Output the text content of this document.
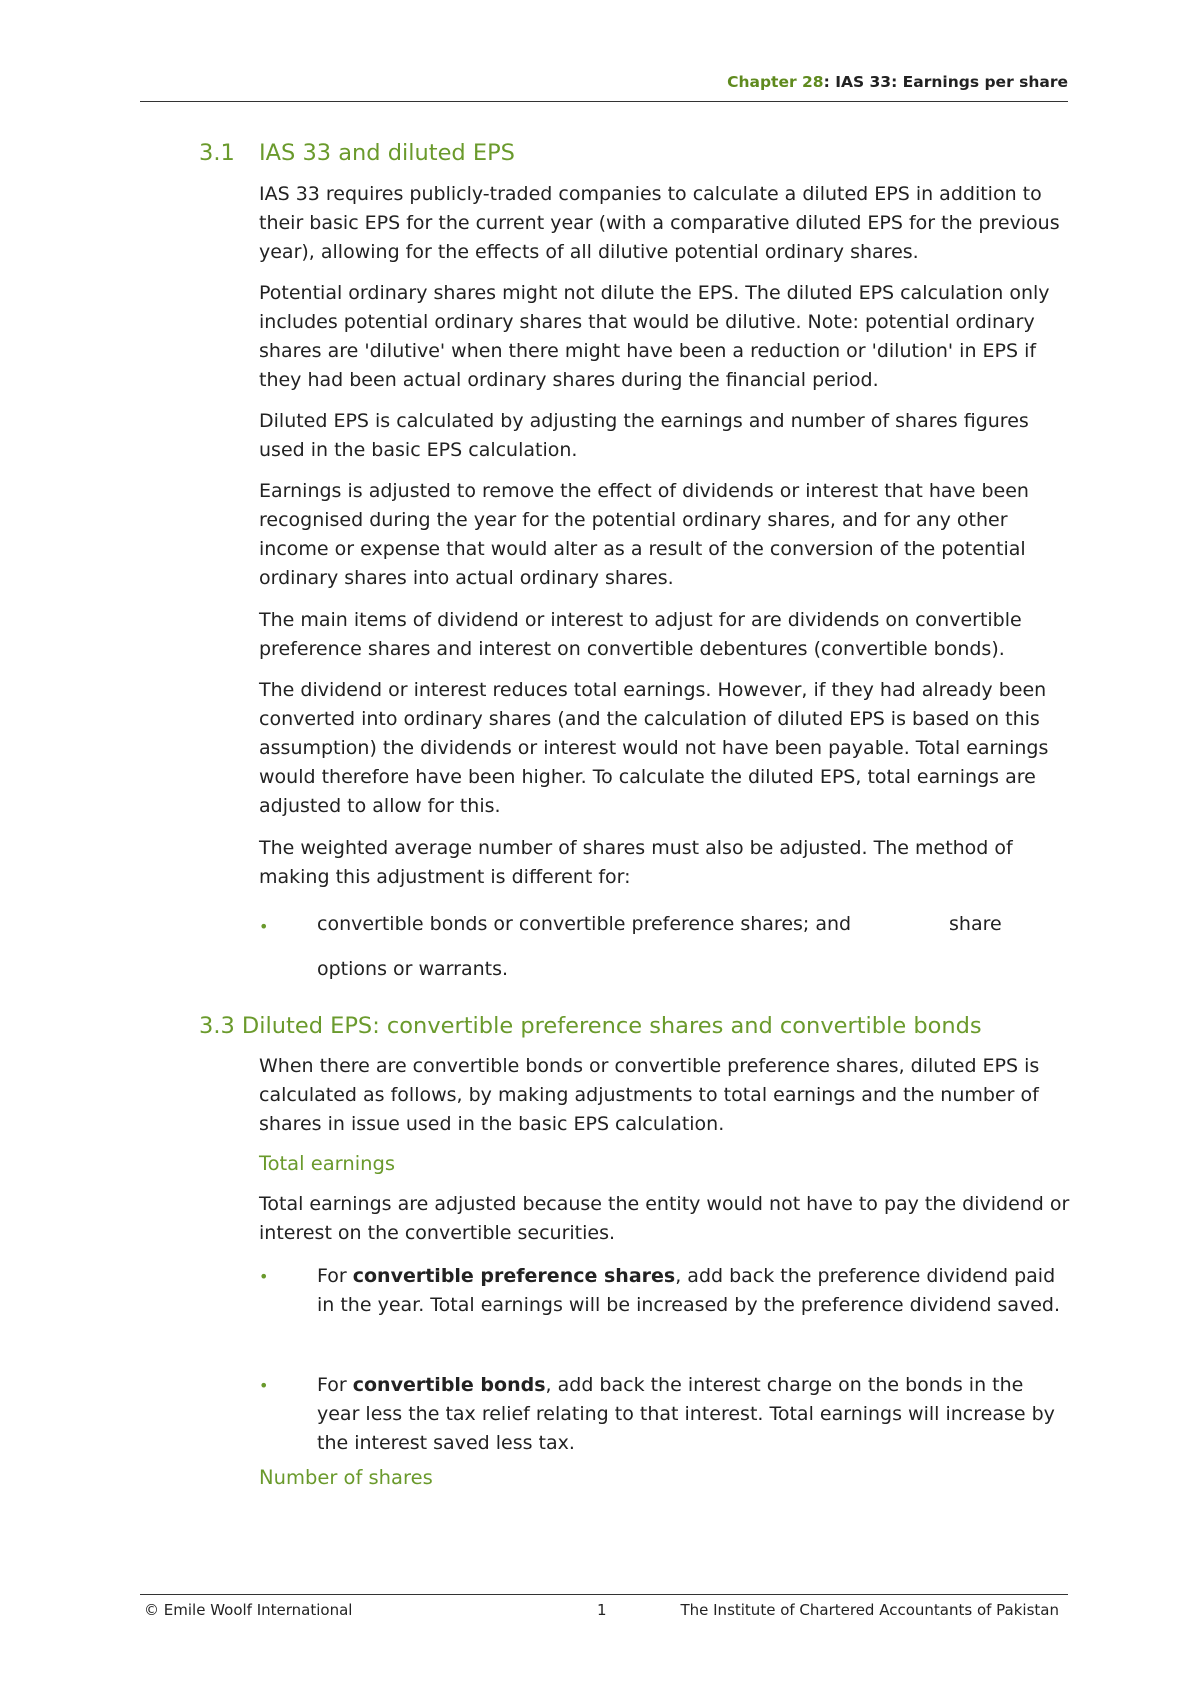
Chapter 28: IAS 33: Earnings per share
3.1 IAS 33 and diluted EPS

IAS 33 requires publicly-traded companies to calculate a diluted EPS in addition to their basic EPS for the current year (with a comparative diluted EPS for the previous year), allowing for the effects of all dilutive potential ordinary shares.

Potential ordinary shares might not dilute the EPS. The diluted EPS calculation only includes potential ordinary shares that would be dilutive. Note: potential ordinary shares are 'dilutive' when there might have been a reduction or 'dilution' in EPS if they had been actual ordinary shares during the financial period.

Diluted EPS is calculated by adjusting the earnings and number of shares figures used in the basic EPS calculation.

Earnings is adjusted to remove the effect of dividends or interest that have been recognised during the year for the potential ordinary shares, and for any other income or expense that would alter as a result of the conversion of the potential ordinary shares into actual ordinary shares.

The main items of dividend or interest to adjust for are dividends on convertible preference shares and interest on convertible debentures (convertible bonds).

The dividend or interest reduces total earnings. However, if they had already been converted into ordinary shares (and the calculation of diluted EPS is based on this assumption) the dividends or interest would not have been payable. Total earnings would therefore have been higher. To calculate the diluted EPS, total earnings are adjusted to allow for this.

The weighted average number of shares must also be adjusted. The method of making this adjustment is different for:

•	convertible bonds or convertible preference shares; and	share
options or warrants.
3.3 Diluted EPS: convertible preference shares and convertible bonds

When there are convertible bonds or convertible preference shares, diluted EPS is calculated as follows, by making adjustments to total earnings and the number of shares in issue used in the basic EPS calculation.

Total earnings

Total earnings are adjusted because the entity would not have to pay the dividend or interest on the convertible securities.

•	For convertible preference shares, add back the preference dividend paid in the year. Total earnings will be increased by the preference dividend saved.
•	For convertible bonds, add back the interest charge on the bonds in the year less the tax relief relating to that interest. Total earnings will increase by the interest saved less tax.
Number of shares
© Emile Woolf International	1	The Institute of Chartered Accountants of Pakistan
